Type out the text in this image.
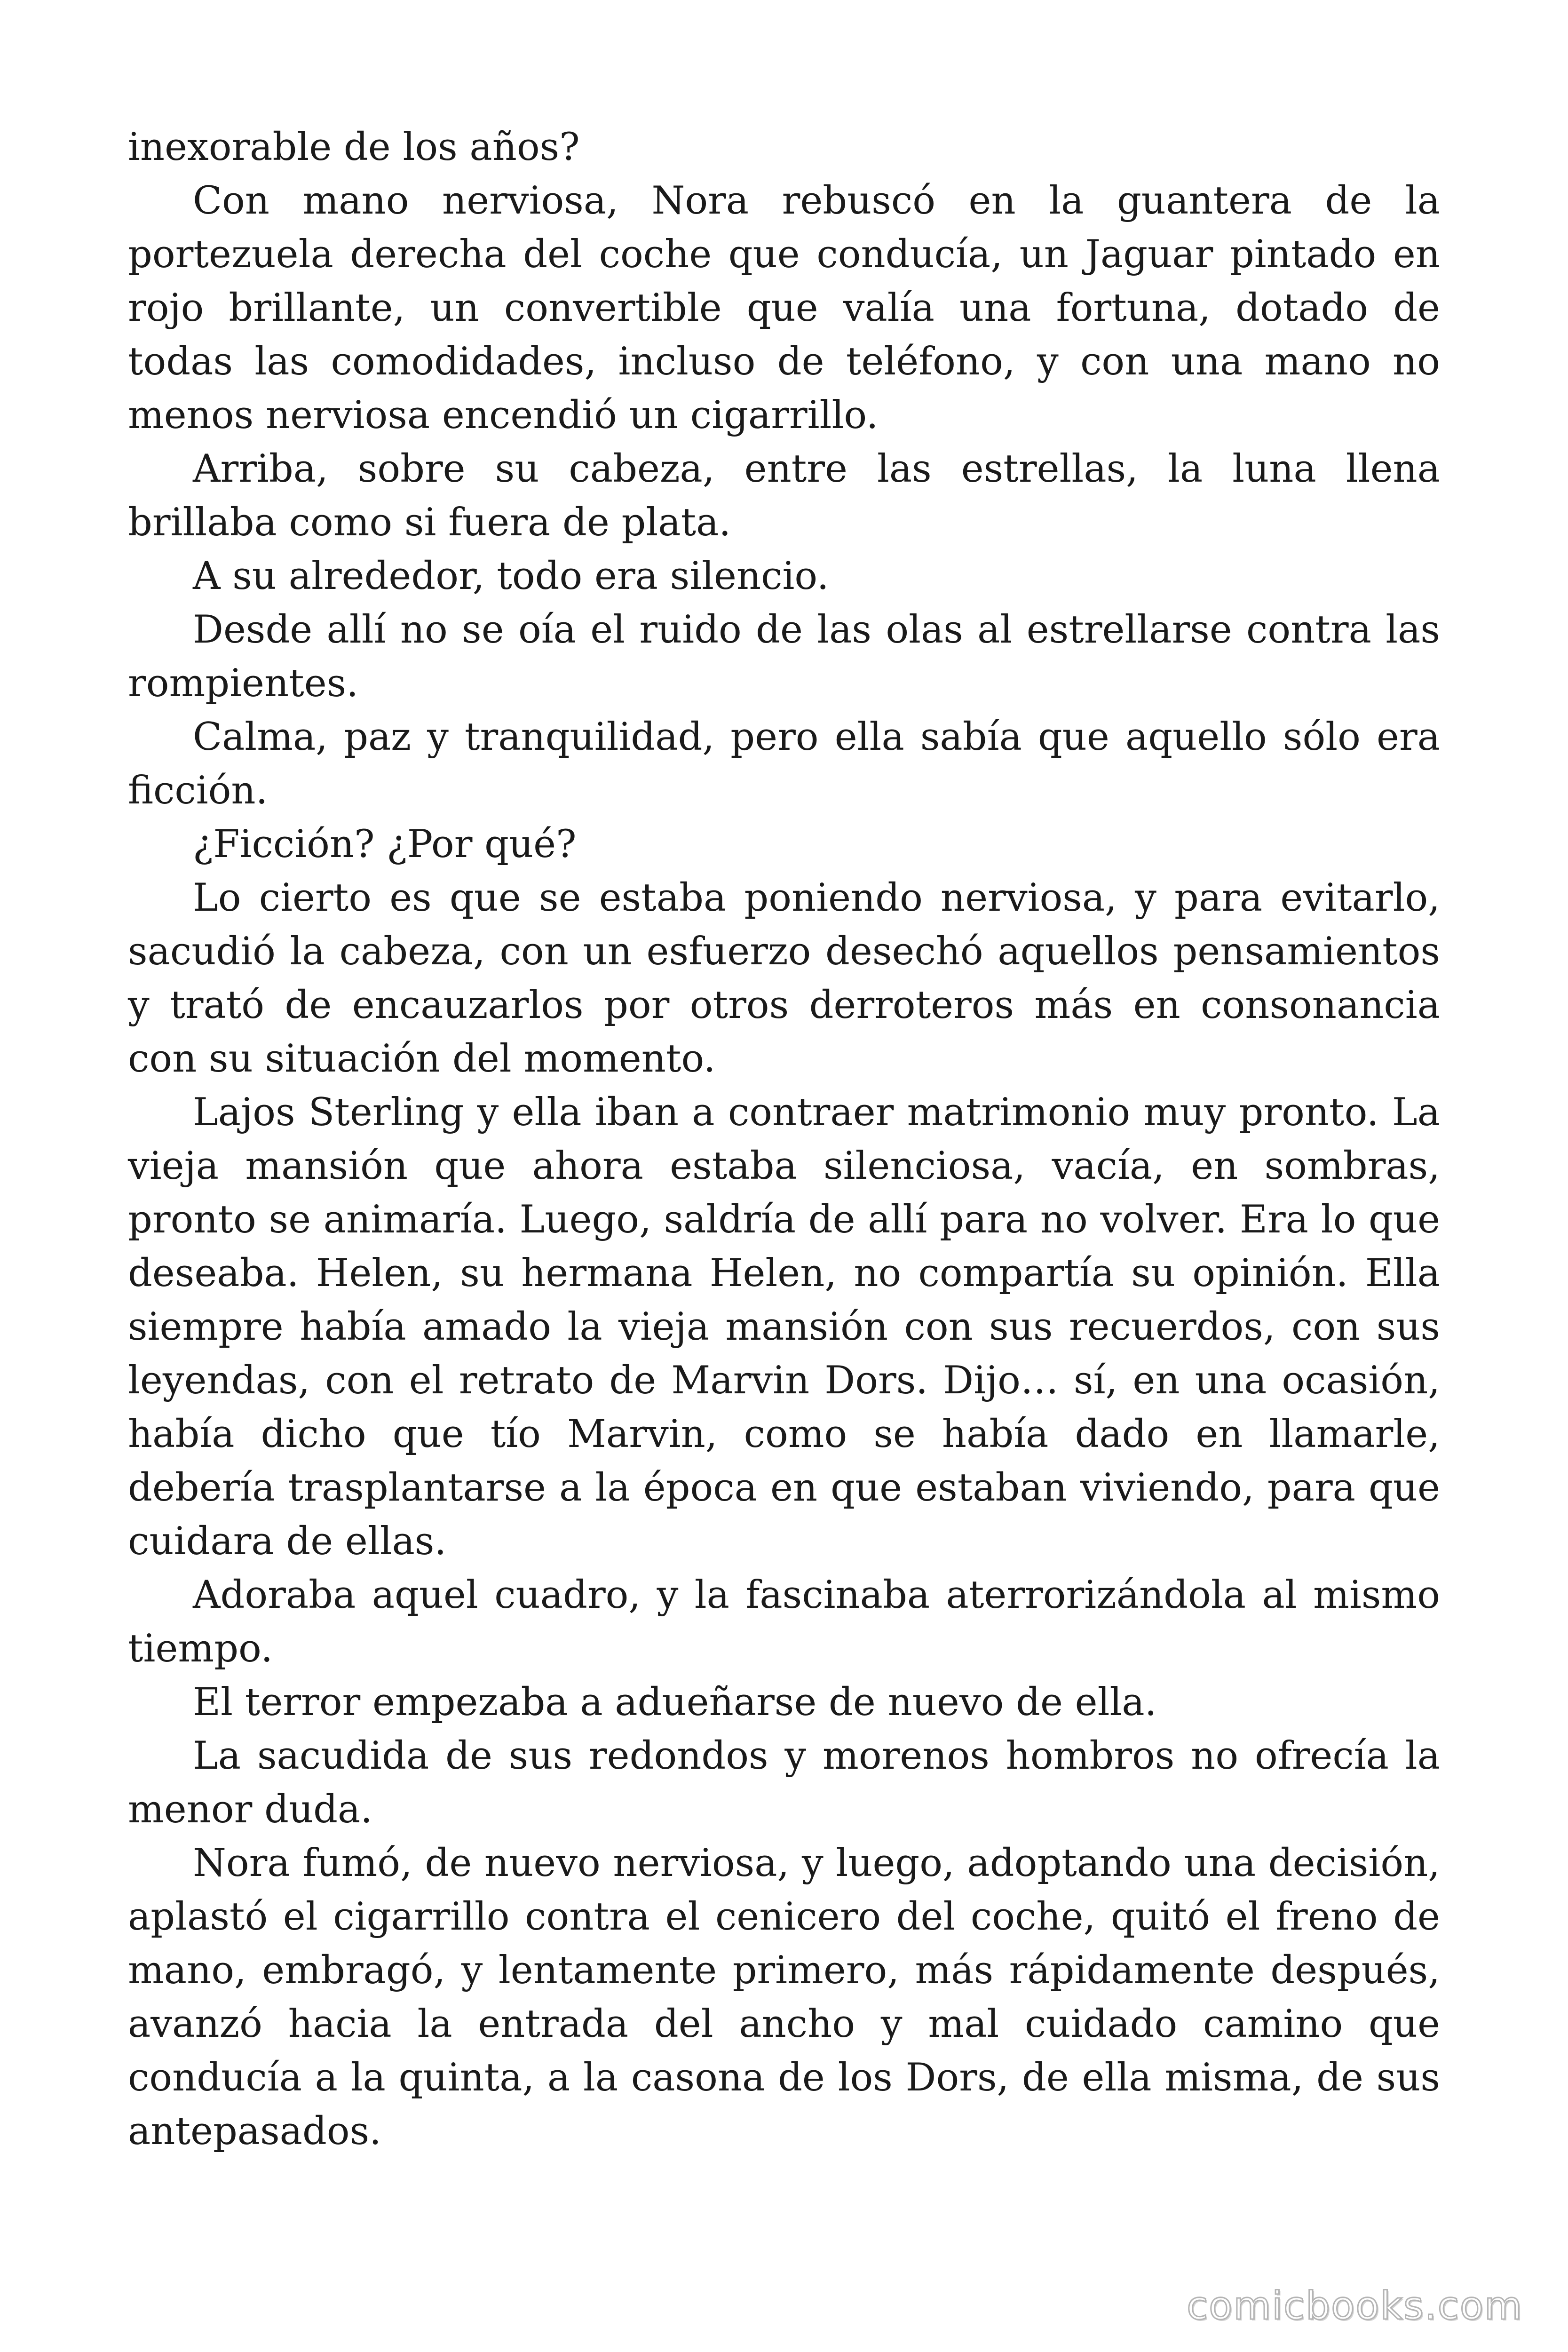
inexorable de los años?

Con mano nerviosa, Nora rebuscó en la guantera de la portezuela derecha del coche que conducía, un Jaguar pintado en rojo brillante, un convertible que valía una fortuna, dotado de todas las comodidades, incluso de teléfono, y con una mano no menos nerviosa encendió un cigarrillo.

Arriba, sobre su cabeza, entre las estrellas, la luna llena brillaba como si fuera de plata.

A su alrededor, todo era silencio.

Desde allí no se oía el ruido de las olas al estrellarse contra las rompientes.

Calma, paz y tranquilidad, pero ella sabía que aquello sólo era ficción.

¿Ficción? ¿Por qué?

Lo cierto es que se estaba poniendo nerviosa, y para evitarlo, sacudió la cabeza, con un esfuerzo desechó aquellos pensamientos y trató de encauzarlos por otros derroteros más en consonancia con su situación del momento.

Lajos Sterling y ella iban a contraer matrimonio muy pronto. La vieja mansión que ahora estaba silenciosa, vacía, en sombras, pronto se animaría. Luego, saldría de allí para no volver. Era lo que deseaba. Helen, su hermana Helen, no compartía su opinión. Ella siempre había amado la vieja mansión con sus recuerdos, con sus leyendas, con el retrato de Marvin Dors. Dijo… sí, en una ocasión, había dicho que tío Marvin, como se había dado en llamarle, debería trasplantarse a la época en que estaban viviendo, para que cuidara de ellas.

Adoraba aquel cuadro, y la fascinaba aterrorizándola al mismo tiempo.

El terror empezaba a adueñarse de nuevo de ella.

La sacudida de sus redondos y morenos hombros no ofrecía la menor duda.

Nora fumó, de nuevo nerviosa, y luego, adoptando una decisión, aplastó el cigarrillo contra el cenicero del coche, quitó el freno de mano, embragó, y lentamente primero, más rápidamente después, avanzó hacia la entrada del ancho y mal cuidado camino que conducía a la quinta, a la casona de los Dors, de ella misma, de sus antepasados.

comicbooks.com
